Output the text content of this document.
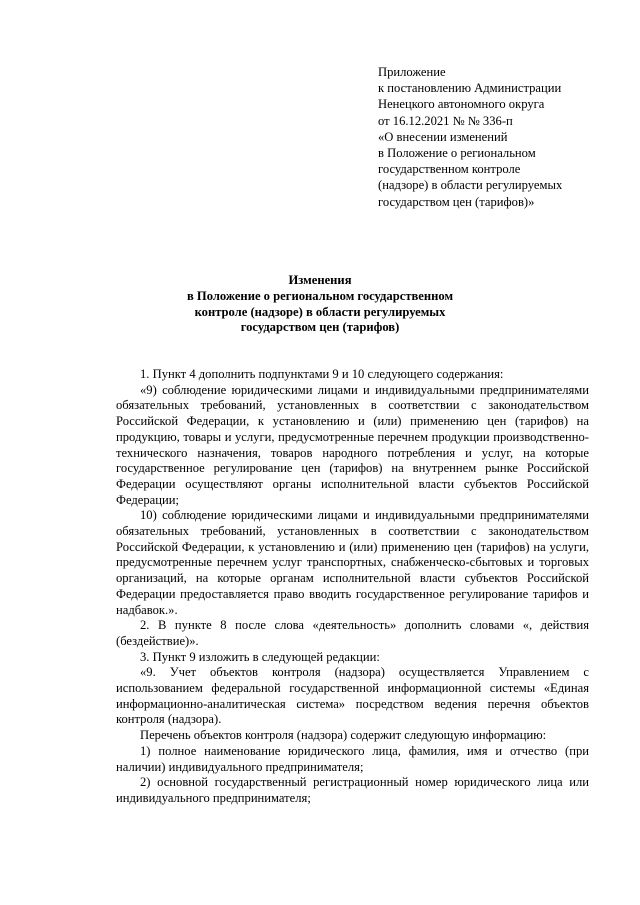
Приложение
к постановлению Администрации
Ненецкого автономного округа
от 16.12.2021 № № 336-п
«О внесении изменений
в Положение о региональном
государственном контроле
(надзоре) в области регулируемых
государством цен (тарифов)»
Изменения
в Положение о региональном государственном
контроле (надзоре) в области регулируемых
государством цен (тарифов)

1. Пункт 4 дополнить подпунктами 9 и 10 следующего содержания:

«9) соблюдение юридическими лицами и индивидуальными предпринимателями обязательных требований, установленных в соответствии с законодательством Российской Федерации, к установлению и (или) применению цен (тарифов) на продукцию, товары и услуги, предусмотренные перечнем продукции производственно-технического назначения, товаров народного потребления и услуг, на которые государственное регулирование цен (тарифов) на внутреннем рынке Российской Федерации осуществляют органы исполнительной власти субъектов Российской Федерации;

10) соблюдение юридическими лицами и индивидуальными предпринимателями обязательных требований, установленных в соответствии с законодательством Российской Федерации, к установлению и (или) применению цен (тарифов) на услуги, предусмотренные перечнем услуг транспортных, снабженческо-сбытовых и торговых организаций, на которые органам исполнительной власти субъектов Российской Федерации предоставляется право вводить государственное регулирование тарифов и надбавок.».

2. В пункте 8 после слова «деятельность» дополнить словами «, действия (бездействие)».

3. Пункт 9 изложить в следующей редакции:

«9. Учет объектов контроля (надзора) осуществляется Управлением с использованием федеральной государственной информационной системы «Единая информационно-аналитическая система» посредством ведения перечня объектов контроля (надзора).

Перечень объектов контроля (надзора) содержит следующую информацию:

1) полное наименование юридического лица, фамилия, имя и отчество (при наличии) индивидуального предпринимателя;

2) основной государственный регистрационный номер юридического лица или индивидуального предпринимателя;
